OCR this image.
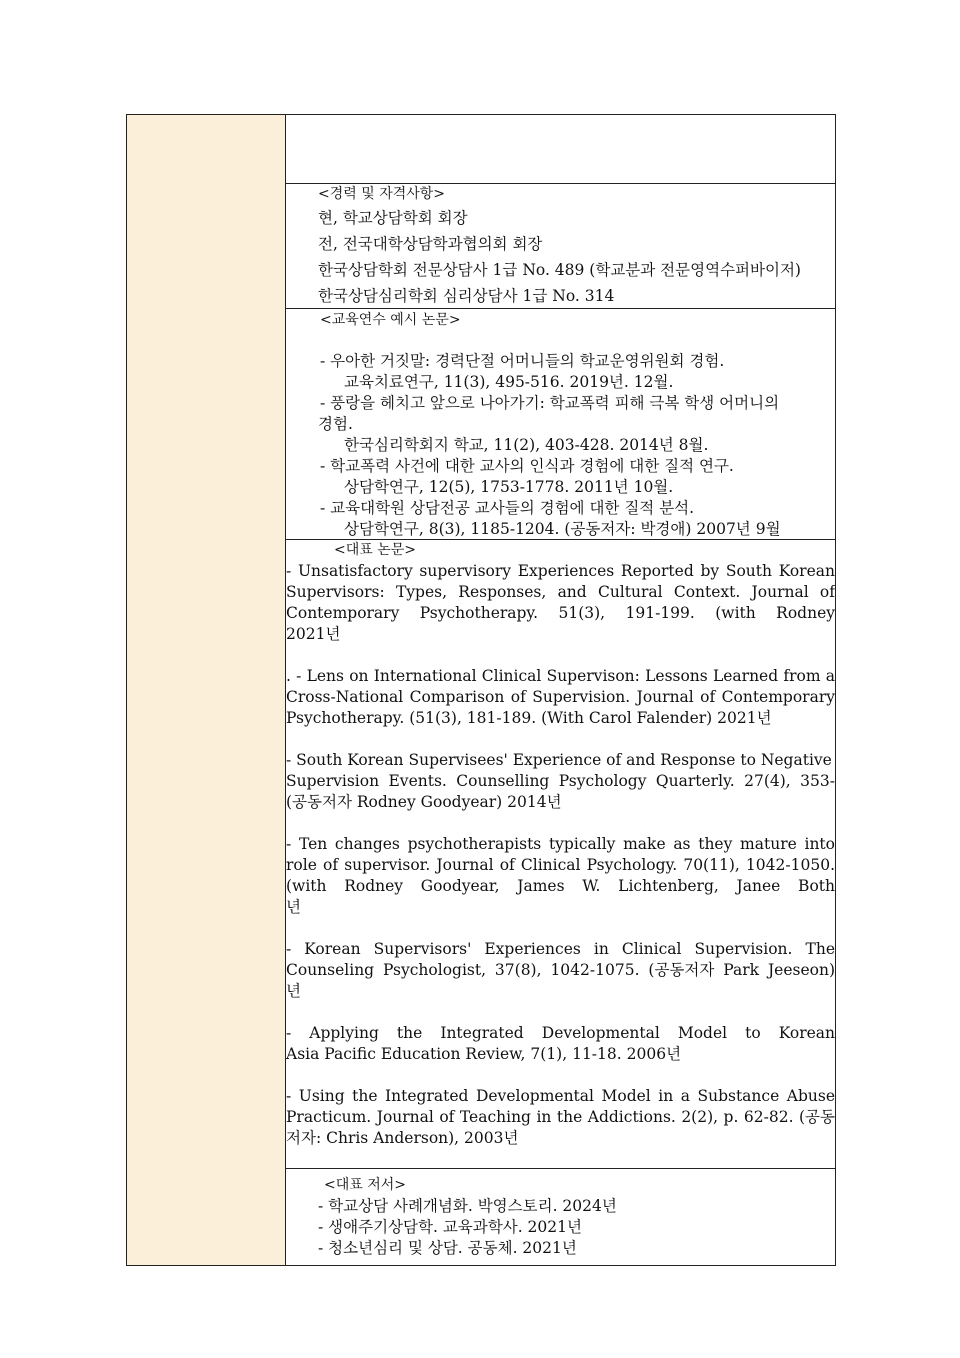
<경력 및 자격사항>
현, 학교상담학회 회장
전, 전국대학상담학과협의회 회장
한국상담학회 전문상담사 1급 No. 489 (학교분과 전문영역수퍼바이저)
한국상담심리학회 심리상담사 1급 No. 314
<교육연수 예시 논문>
- 우아한 거짓말: 경력단절 어머니들의 학교운영위원회 경험.
교육치료연구, 11(3), 495-516. 2019년. 12월.
- 풍랑을 헤치고 앞으로 나아가기: 학교폭력 피해 극복 학생 어머니의
경험.
한국심리학회지 학교, 11(2), 403-428. 2014년 8월.
- 학교폭력 사건에 대한 교사의 인식과 경험에 대한 질적 연구.
상담학연구, 12(5), 1753-1778. 2011년 10월.
- 교육대학원 상담전공 교사들의 경험에 대한 질적 분석.
상담학연구, 8(3), 1185-1204. (공동저자: 박경애) 2007년 9월
<대표 논문>
- Unsatisfactory supervisory Experiences Reported by South Korean
Supervisors: Types, Responses, and Cultural Context. Journal of
Contemporary Psychotherapy. 51(3), 191-199. (with Rodney
2021년
. - Lens on International Clinical Supervison: Lessons Learned from a
Cross-National Comparison of Supervision. Journal of Contemporary
Psychotherapy. (51(3), 181-189. (With Carol Falender) 2021년
- South Korean Supervisees' Experience of and Response to Negative
Supervision Events. Counselling Psychology Quarterly. 27(4), 353-
(공동저자 Rodney Goodyear) 2014년
- Ten changes psychotherapists typically make as they mature into
role of supervisor. Journal of Clinical Psychology. 70(11), 1042-1050.
(with Rodney Goodyear, James W. Lichtenberg, Janee Both
년
- Korean Supervisors' Experiences in Clinical Supervision. The
Counseling Psychologist, 37(8), 1042-1075. (공동저자 Park Jeeseon)
년
- Applying the Integrated Developmental Model to Korean
Asia Pacific Education Review, 7(1), 11-18. 2006년
- Using the Integrated Developmental Model in a Substance Abuse
Practicum. Journal of Teaching in the Addictions. 2(2), p. 62-82. (공동
저자: Chris Anderson), 2003년
<대표 저서>
- 학교상담 사례개념화. 박영스토리. 2024년
- 생애주기상담학. 교육과학사. 2021년
- 청소년심리 및 상담. 공동체. 2021년
